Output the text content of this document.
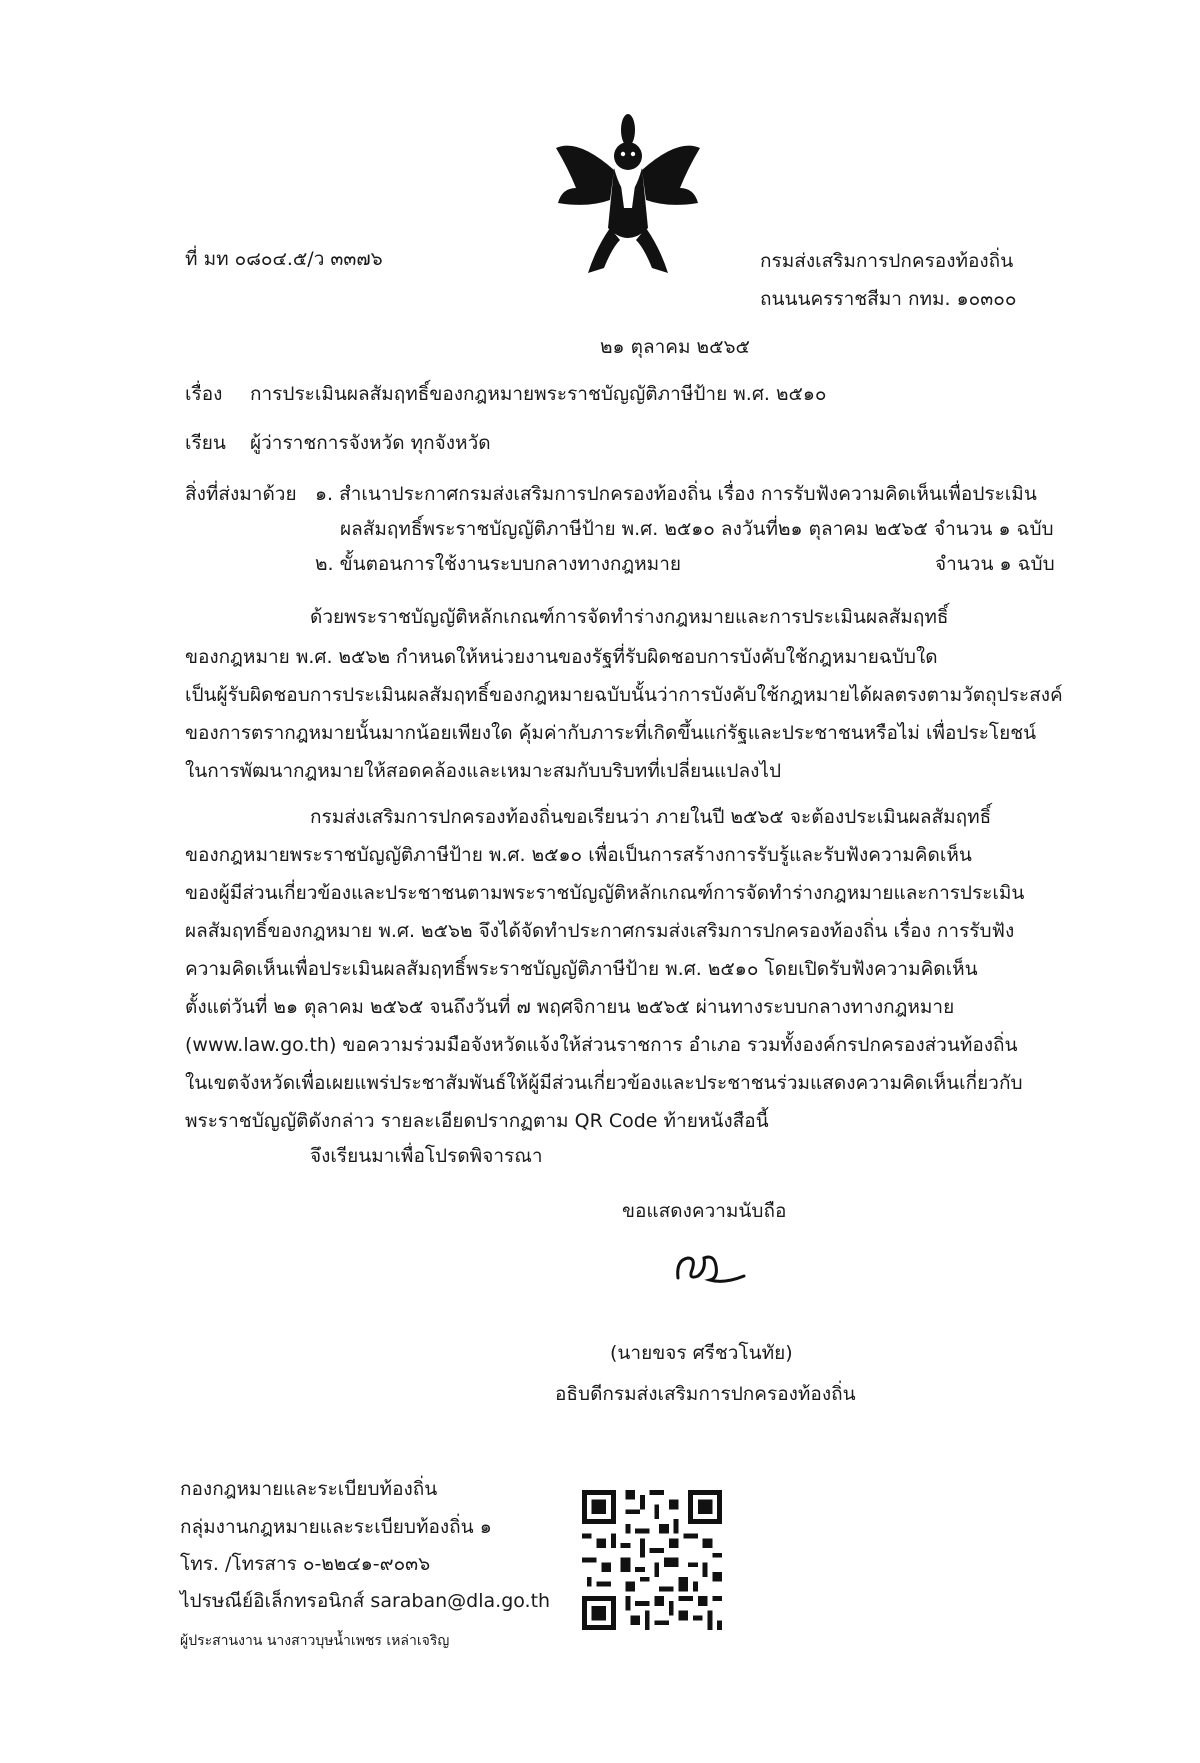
ที่ มท ๐๘๐๔.๕/ว ๓๓๗๖	กรมส่งเสริมการปกครองท้องถิ่น
ถนนนครราชสีมา กทม. ๑๐๓๐๐
๒๑ ตุลาคม ๒๕๖๕
เรื่อง การประเมินผลสัมฤทธิ์ของกฎหมายพระราชบัญญัติภาษีป้าย พ.ศ. ๒๕๑๐
เรียน ผู้ว่าราชการจังหวัด ทุกจังหวัด
สิ่งที่ส่งมาด้วย ๑. สำเนาประกาศกรมส่งเสริมการปกครองท้องถิ่น เรื่อง การรับฟังความคิดเห็นเพื่อประเมิน
ผลสัมฤทธิ์พระราชบัญญัติภาษีป้าย พ.ศ. ๒๕๑๐ ลงวันที่๒๑ ตุลาคม ๒๕๖๕ จำนวน ๑ ฉบับ
๒. ขั้นตอนการใช้งานระบบกลางทางกฎหมาย	จำนวน ๑ ฉบับ
ด้วยพระราชบัญญัติหลักเกณฑ์การจัดทำร่างกฎหมายและการประเมินผลสัมฤทธิ์
ของกฎหมาย พ.ศ. ๒๕๖๒ กำหนดให้หน่วยงานของรัฐที่รับผิดชอบการบังคับใช้กฎหมายฉบับใด
เป็นผู้รับผิดชอบการประเมินผลสัมฤทธิ์ของกฎหมายฉบับนั้นว่าการบังคับใช้กฎหมายได้ผลตรงตามวัตถุประสงค์
ของการตรากฎหมายนั้นมากน้อยเพียงใด คุ้มค่ากับภาระที่เกิดขึ้นแก่รัฐและประชาชนหรือไม่ เพื่อประโยชน์
ในการพัฒนากฎหมายให้สอดคล้องและเหมาะสมกับบริบทที่เปลี่ยนแปลงไป
กรมส่งเสริมการปกครองท้องถิ่นขอเรียนว่า ภายในปี ๒๕๖๕ จะต้องประเมินผลสัมฤทธิ์
ของกฎหมายพระราชบัญญัติภาษีป้าย พ.ศ. ๒๕๑๐ เพื่อเป็นการสร้างการรับรู้และรับฟังความคิดเห็น
ของผู้มีส่วนเกี่ยวข้องและประชาชนตามพระราชบัญญัติหลักเกณฑ์การจัดทำร่างกฎหมายและการประเมิน
ผลสัมฤทธิ์ของกฎหมาย พ.ศ. ๒๕๖๒ จึงได้จัดทำประกาศกรมส่งเสริมการปกครองท้องถิ่น เรื่อง การรับฟัง
ความคิดเห็นเพื่อประเมินผลสัมฤทธิ์พระราชบัญญัติภาษีป้าย พ.ศ. ๒๕๑๐ โดยเปิดรับฟังความคิดเห็น
ตั้งแต่วันที่ ๒๑ ตุลาคม ๒๕๖๕ จนถึงวันที่ ๗ พฤศจิกายน ๒๕๖๕ ผ่านทางระบบกลางทางกฎหมาย
(www.law.go.th) ขอความร่วมมือจังหวัดแจ้งให้ส่วนราชการ อำเภอ รวมทั้งองค์กรปกครองส่วนท้องถิ่น
ในเขตจังหวัดเพื่อเผยแพร่ประชาสัมพันธ์ให้ผู้มีส่วนเกี่ยวข้องและประชาชนร่วมแสดงความคิดเห็นเกี่ยวกับ
พระราชบัญญัติดังกล่าว รายละเอียดปรากฏตาม QR Code ท้ายหนังสือนี้
จึงเรียนมาเพื่อโปรดพิจารณา
ขอแสดงความนับถือ
(นายขจร ศรีชวโนทัย)
อธิบดีกรมส่งเสริมการปกครองท้องถิ่น
กองกฎหมายและระเบียบท้องถิ่น
กลุ่มงานกฎหมายและระเบียบท้องถิ่น ๑
โทร. /โทรสาร ๐-๒๒๔๑-๙๐๓๖
ไปรษณีย์อิเล็กทรอนิกส์ saraban@dla.go.th
ผู้ประสานงาน นางสาวบุษน้ำเพชร เหล่าเจริญ
